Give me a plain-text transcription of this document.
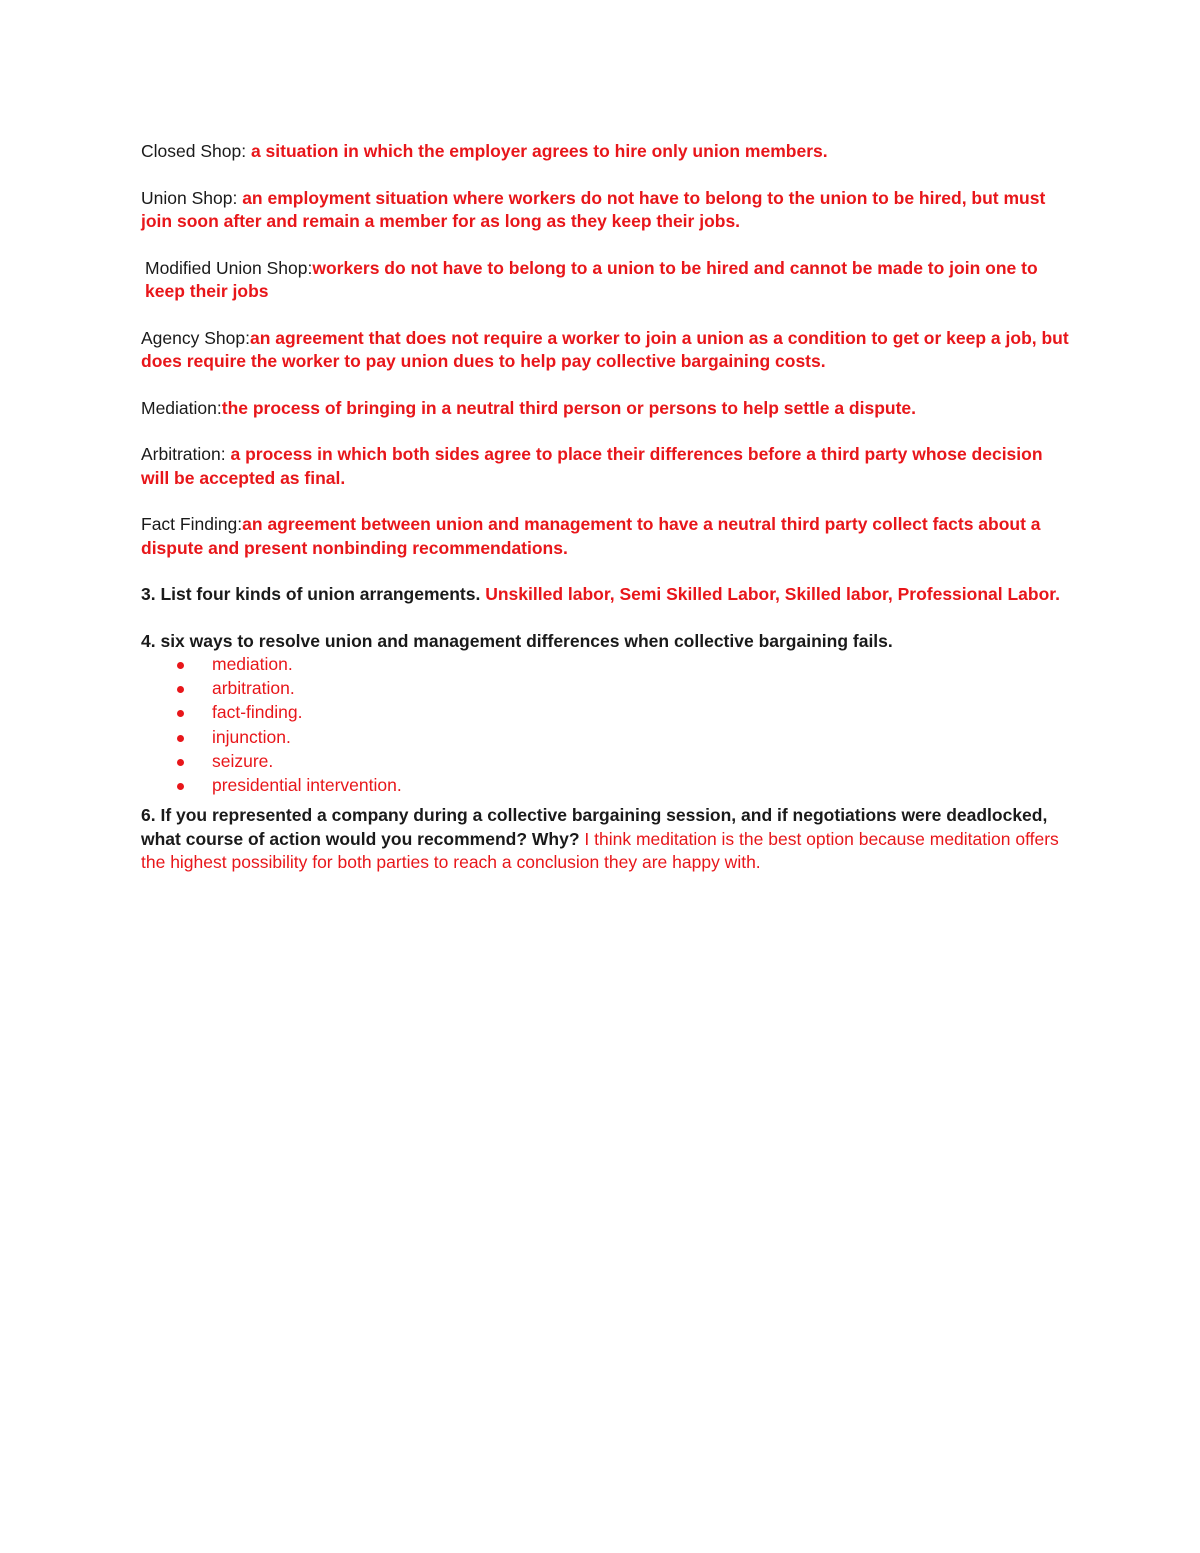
Closed Shop: a situation in which the employer agrees to hire only union members.

Union Shop: an employment situation where workers do not have to belong to the union to be hired, but must join soon after and remain a member for as long as they keep their jobs.

Modified Union Shop:workers do not have to belong to a union to be hired and cannot be made to join one to keep their jobs

Agency Shop:an agreement that does not require a worker to join a union as a condition to get or keep a job, but does require the worker to pay union dues to help pay collective bargaining costs.

Mediation:the process of bringing in a neutral third person or persons to help settle a dispute.

Arbitration: a process in which both sides agree to place their differences before a third party whose decision will be accepted as final.

Fact Finding:an agreement between union and management to have a neutral third party collect facts about a dispute and present nonbinding recommendations.

3. List four kinds of union arrangements. Unskilled labor, Semi Skilled Labor, Skilled labor, Professional Labor.

4. six ways to resolve union and management differences when collective bargaining fails.

mediation.
arbitration.
fact-finding.
injunction.
seizure.
presidential intervention.

6. If you represented a company during a collective bargaining session, and if negotiations were deadlocked, what course of action would you recommend? Why? I think meditation is the best option because meditation offers the highest possibility for both parties to reach a conclusion they are happy with.
